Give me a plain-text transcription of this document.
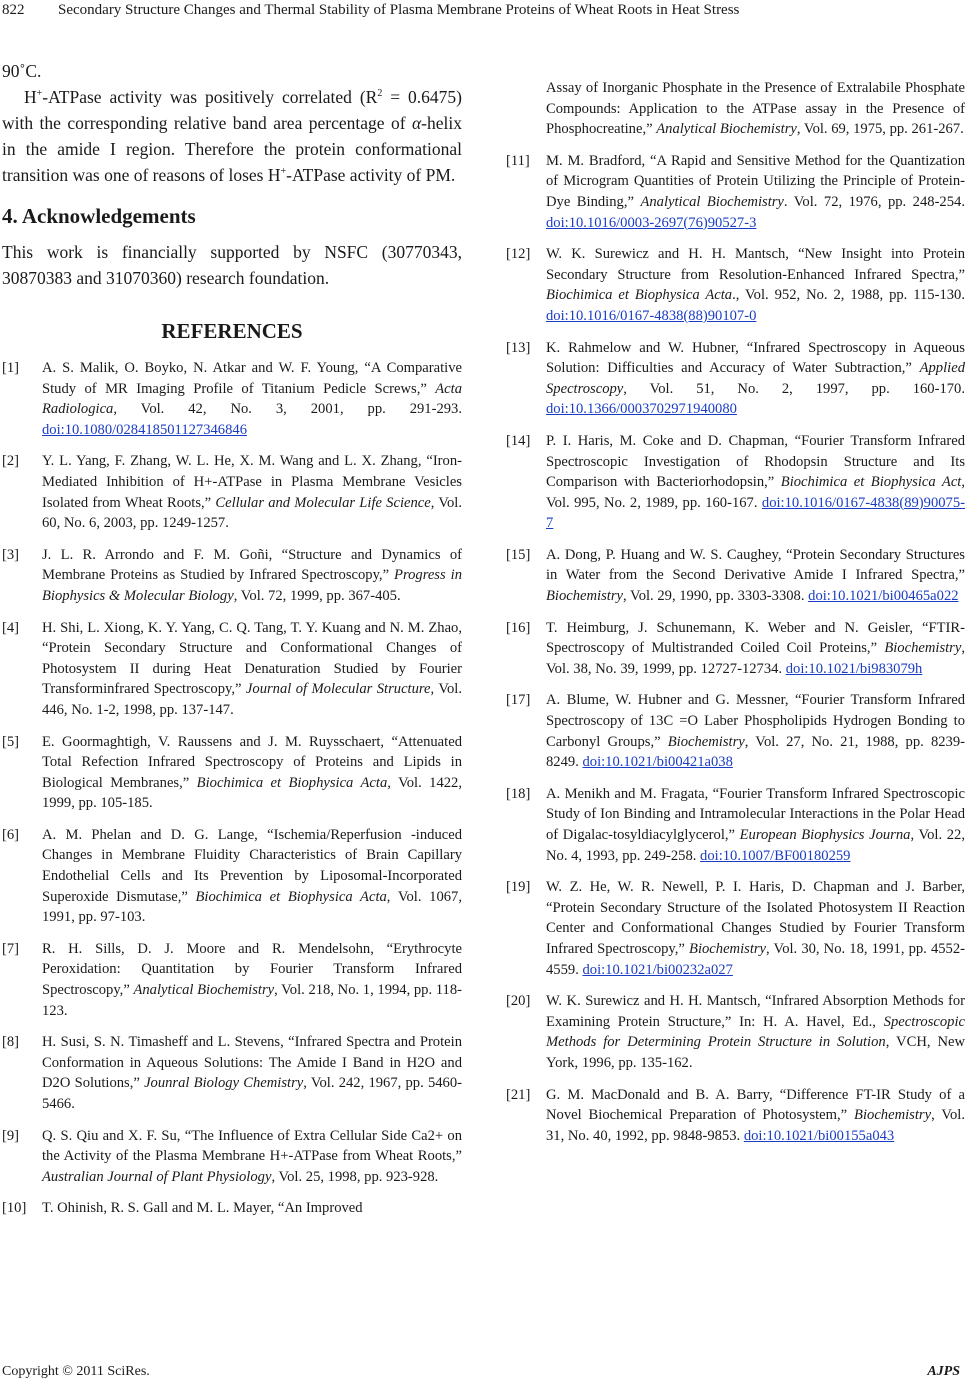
822 Secondary Structure Changes and Thermal Stability of Plasma Membrane Proteins of Wheat Roots in Heat Stress

90˚C.

H+-ATPase activity was positively correlated $(R^2 = 0.6475)$ with the corresponding relative band area percentage of α-helix in the amide I region. Therefore the protein conformational transition was one of reasons of loses H+-ATPase activity of PM.

4. Acknowledgements

This work is financially supported by NSFC (30770343, 30870383 and 31070360) research foundation.

REFERENCES
[1] A. S. Malik, O. Boyko, N. Atkar and W. F. Young, “A Comparative Study of MR Imaging Profile of Titanium Pedicle Screws,” Acta Radiologica, Vol. 42, No. 3, 2001, pp. 291-293. doi:10.1080/028418501127346846
[2] Y. L. Yang, F. Zhang, W. L. He, X. M. Wang and L. X. Zhang, “Iron-Mediated Inhibition of H+-ATPase in Plasma Membrane Vesicles Isolated from Wheat Roots,” Cellular and Molecular Life Science, Vol. 60, No. 6, 2003, pp. 1249-1257.
[3] J. L. R. Arrondo and F. M. Goñi, “Structure and Dynamics of Membrane Proteins as Studied by Infrared Spectroscopy,” Progress in Biophysics & Molecular Biology, Vol. 72, 1999, pp. 367-405.
[4] H. Shi, L. Xiong, K. Y. Yang, C. Q. Tang, T. Y. Kuang and N. M. Zhao, “Protein Secondary Structure and Conformational Changes of Photosystem II during Heat Denaturation Studied by Fourier Transforminfrared Spectroscopy,” Journal of Molecular Structure, Vol. 446, No. 1-2, 1998, pp. 137-147.
[5] E. Goormaghtigh, V. Raussens and J. M. Ruysschaert, “Attenuated Total Refection Infrared Spectroscopy of Proteins and Lipids in Biological Membranes,” Biochimica et Biophysica Acta, Vol. 1422, 1999, pp. 105-185.
[6] A. M. Phelan and D. G. Lange, “Ischemia/Reperfusion -induced Changes in Membrane Fluidity Characteristics of Brain Capillary Endothelial Cells and Its Prevention by Liposomal-Incorporated Superoxide Dismutase,” Biochimica et Biophysica Acta, Vol. 1067, 1991, pp. 97-103.
[7] R. H. Sills, D. J. Moore and R. Mendelsohn, “Erythrocyte Peroxidation: Quantitation by Fourier Transform Infrared Spectroscopy,” Analytical Biochemistry, Vol. 218, No. 1, 1994, pp. 118-123.
[8] H. Susi, S. N. Timasheff and L. Stevens, “Infrared Spectra and Protein Conformation in Aqueous Solutions: The Amide I Band in H2O and D2O Solutions,” Jounral Biology Chemistry, Vol. 242, 1967, pp. 5460-5466.
[9] Q. S. Qiu and X. F. Su, “The Influence of Extra Cellular Side Ca2+ on the Activity of the Plasma Membrane H+-ATPase from Wheat Roots,” Australian Journal of Plant Physiology, Vol. 25, 1998, pp. 923-928.
[10] T. Ohinish, R. S. Gall and M. L. Mayer, “An Improved
Assay of Inorganic Phosphate in the Presence of Extralabile Phosphate Compounds: Application to the ATPase assay in the Presence of Phosphocreatine,” Analytical Biochemistry, Vol. 69, 1975, pp. 261-267.
[11] M. M. Bradford, “A Rapid and Sensitive Method for the Quantization of Microgram Quantities of Protein Utilizing the Principle of Protein-Dye Binding,” Analytical Biochemistry. Vol. 72, 1976, pp. 248-254. doi:10.1016/0003-2697(76)90527-3
[12] W. K. Surewicz and H. H. Mantsch, “New Insight into Protein Secondary Structure from Resolution-Enhanced Infrared Spectra,” Biochimica et Biophysica Acta., Vol. 952, No. 2, 1988, pp. 115-130. doi:10.1016/0167-4838(88)90107-0
[13] K. Rahmelow and W. Hubner, “Infrared Spectroscopy in Aqueous Solution: Difficulties and Accuracy of Water Subtraction,” Applied Spectroscopy, Vol. 51, No. 2, 1997, pp. 160-170. doi:10.1366/0003702971940080
[14] P. I. Haris, M. Coke and D. Chapman, “Fourier Transform Infrared Spectroscopic Investigation of Rhodopsin Structure and Its Comparison with Bacteriorhodopsin,” Biochimica et Biophysica Act, Vol. 995, No. 2, 1989, pp. 160-167. doi:10.1016/0167-4838(89)90075-7
[15] A. Dong, P. Huang and W. S. Caughey, “Protein Secondary Structures in Water from the Second Derivative Amide I Infrared Spectra,” Biochemistry, Vol. 29, 1990, pp. 3303-3308. doi:10.1021/bi00465a022
[16] T. Heimburg, J. Schunemann, K. Weber and N. Geisler, “FTIR-Spectroscopy of Multistranded Coiled Coil Proteins,” Biochemistry, Vol. 38, No. 39, 1999, pp. 12727-12734. doi:10.1021/bi983079h
[17] A. Blume, W. Hubner and G. Messner, “Fourier Transform Infrared Spectroscopy of 13C =O Laber Phospholipids Hydrogen Bonding to Carbonyl Groups,” Biochemistry, Vol. 27, No. 21, 1988, pp. 8239-8249. doi:10.1021/bi00421a038
[18] A. Menikh and M. Fragata, “Fourier Transform Infrared Spectroscopic Study of Ion Binding and Intramolecular Interactions in the Polar Head of Digalac-tosyldiacylglycerol,” European Biophysics Journa, Vol. 22, No. 4, 1993, pp. 249-258. doi:10.1007/BF00180259
[19] W. Z. He, W. R. Newell, P. I. Haris, D. Chapman and J. Barber, “Protein Secondary Structure of the Isolated Photosystem II Reaction Center and Conformational Changes Studied by Fourier Transform Infrared Spectroscopy,” Biochemistry, Vol. 30, No. 18, 1991, pp. 4552-4559. doi:10.1021/bi00232a027
[20] W. K. Surewicz and H. H. Mantsch, “Infrared Absorption Methods for Examining Protein Structure,” In: H. A. Havel, Ed., Spectroscopic Methods for Determining Protein Structure in Solution, VCH, New York, 1996, pp. 135-162.
[21] G. M. MacDonald and B. A. Barry, “Difference FT-IR Study of a Novel Biochemical Preparation of Photosystem,” Biochemistry, Vol. 31, No. 40, 1992, pp. 9848-9853. doi:10.1021/bi00155a043
Copyright © 2011 SciRes.	AJPS
